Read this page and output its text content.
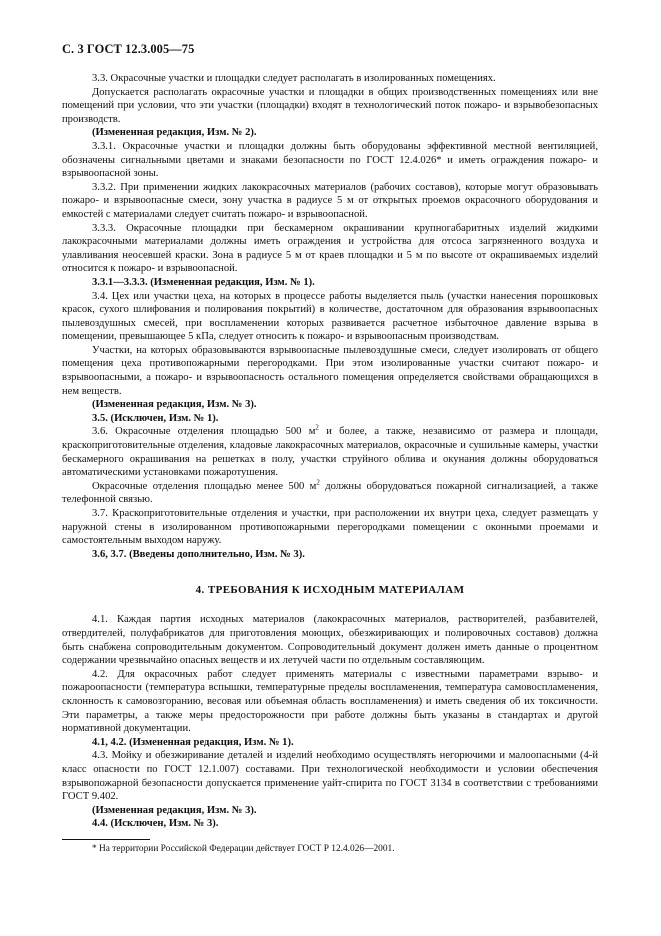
С. 3 ГОСТ 12.3.005—75

3.3. Окрасочные участки и площадки следует располагать в изолированных помещениях.

Допускается располагать окрасочные участки и площадки в общих производственных помещениях или вне помещений при условии, что эти участки (площадки) входят в технологический поток пожаро- и взрывобезопасных производств.

(Измененная редакция, Изм. № 2).

3.3.1. Окрасочные участки и площадки должны быть оборудованы эффективной местной вентиляцией, обозначены сигнальными цветами и знаками безопасности по ГОСТ 12.4.026* и иметь ограждения пожаро- и взрывоопасной зоны.

3.3.2. При применении жидких лакокрасочных материалов (рабочих составов), которые могут образовывать пожаро- и взрывоопасные смеси, зону участка в радиусе 5 м от открытых проемов окрасочного оборудования и емкостей с материалами следует считать пожаро- и взрывоопасной.

3.3.3. Окрасочные площадки при бескамерном окрашивании крупногабаритных изделий жидкими лакокрасочными материалами должны иметь ограждения и устройства для отсоса загрязненного воздуха и улавливания неосевшей краски. Зона в радиусе 5 м от краев площадки и 5 м по высоте от окрашиваемых изделий относится к пожаро- и взрывоопасной.

3.3.1—3.3.3. (Измененная редакция, Изм. № 1).

3.4. Цех или участки цеха, на которых в процессе работы выделяется пыль (участки нанесения порошковых красок, сухого шлифования и полирования покрытий) в количестве, достаточном для образования взрывоопасных пылевоздушных смесей, при воспламенении которых развивается расчетное избыточное давление взрыва в помещении, превышающее 5 кПа, следует относить к пожаро- и взрывоопасным производствам.

Участки, на которых образовываются взрывоопасные пылевоздушные смеси, следует изолировать от общего помещения цеха противопожарными перегородками. При этом изолированные участки считают пожаро- и взрывоопасными, а пожаро- и взрывоопасность остального помещения определяется свойствами обращающихся в нем веществ.

(Измененная редакция, Изм. № 3).

3.5. (Исключен, Изм. № 1).

3.6. Окрасочные отделения площадью 500 $м^2$ и более, а также, независимо от размера и площади, краскоприготовительные отделения, кладовые лакокрасочных материалов, окрасочные и сушильные камеры, участки бескамерного окрашивания на решетках в полу, участки струйного облива и окунания должны оборудоваться автоматическими установками пожаротушения.

Окрасочные отделения площадью менее 500 $м^2$ должны оборудоваться пожарной сигнализацией, а также телефонной связью.

3.7. Краскоприготовительные отделения и участки, при расположении их внутри цеха, следует размещать у наружной стены в изолированном противопожарными перегородками помещении с оконными проемами и самостоятельным выходом наружу.

3.6, 3.7. (Введены дополнительно, Изм. № 3).

4. ТРЕБОВАНИЯ К ИСХОДНЫМ МАТЕРИАЛАМ

4.1. Каждая партия исходных материалов (лакокрасочных материалов, растворителей, разбавителей, отвердителей, полуфабрикатов для приготовления моющих, обезжиривающих и полировочных составов) должна быть снабжена сопроводительным документом. Сопроводительный документ должен иметь данные о процентном содержании чрезвычайно опасных веществ и их летучей части по отдельным составляющим.

4.2. Для окрасочных работ следует применять материалы с известными параметрами взрыво- и пожароопасности (температура вспышки, температурные пределы воспламенения, температура самовоспламенения, склонность к самовозгоранию, весовая или объемная область воспламенения) и иметь сведения об их токсичности. Эти параметры, а также меры предосторожности при работе должны быть указаны в стандартах и другой нормативной документации.

4.1, 4.2. (Измененная редакция, Изм. № 1).

4.3. Мойку и обезжиривание деталей и изделий необходимо осуществлять негорючими и малоопасными (4-й класс опасности по ГОСТ 12.1.007) составами. При технологической необходимости и условии обеспечения взрывопожарной безопасности допускается применение уайт-спирита по ГОСТ 3134 в соответствии с требованиями ГОСТ 9.402.

(Измененная редакция, Изм. № 3).

4.4. (Исключен, Изм. № 3).

* На территории Российской Федерации действует ГОСТ Р 12.4.026—2001.
